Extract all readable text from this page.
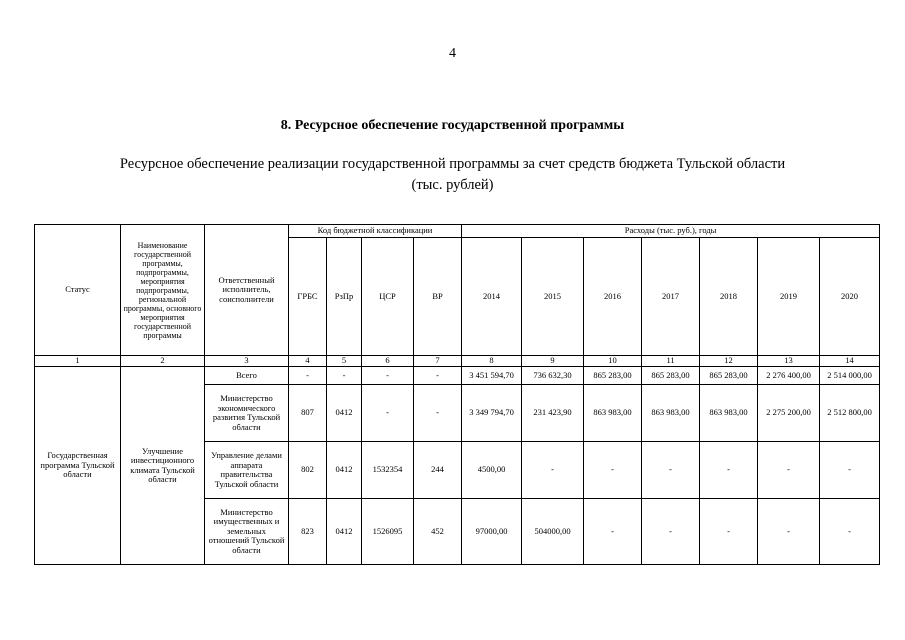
4
8. Ресурсное обеспечение государственной программы
Ресурсное обеспечение реализации государственной программы за счет средств бюджета Тульской области
(тыс. рублей)
Статус	Наименование государственной программы, подпрограммы, мероприятия подпрограммы, региональной программы, основного мероприятия государственной программы	Ответственный исполнитель, соисполнители	Код бюджетной классификации				Расходы (тыс. руб.), годы						
			ГРБС	РзПр	ЦСР	ВР	2014	2015	2016	2017	2018	2019	2020
1	2	3	4	5	6	7	8	9	10	11	12	13	14
Государственная программа Тульской области	Улучшение инвестиционного климата Тульской области	Всего	-	-	-	-	3 451 594,70	736 632,30	865 283,00	865 283,00	865 283,00	2 276 400,00	2 514 000,00
		Министерство экономического развития Тульской области	807	0412	-	-	3 349 794,70	231 423,90	863 983,00	863 983,00	863 983,00	2 275 200,00	2 512 800,00
		Управление делами аппарата правительства Тульской области	802	0412	1532354	244	4500,00	-	-	-	-	-	-
		Министерство имущественных и земельных отношений Тульской области	823	0412	1526095	452	97000,00	504000,00	-	-	-	-	-
